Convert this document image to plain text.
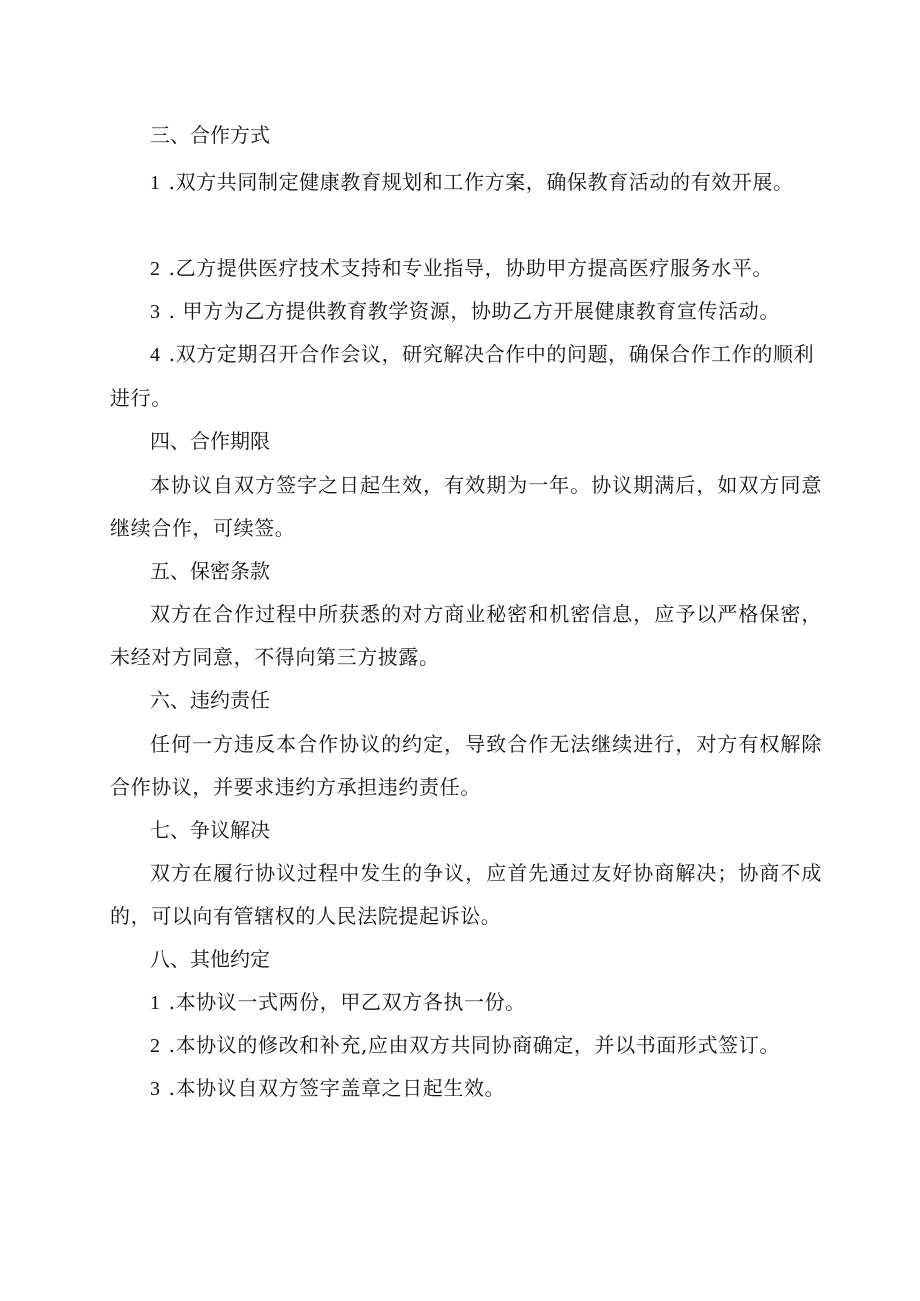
三、合作方式

1 .双方共同制定健康教育规划和工作方案，确保教育活动的有效开展。

2 .乙方提供医疗技术支持和专业指导，协助甲方提高医疗服务水平。

3 . 甲方为乙方提供教育教学资源，协助乙方开展健康教育宣传活动。

4 .双方定期召开合作会议，研究解决合作中的问题，确保合作工作的顺利进行。

四、合作期限

本协议自双方签字之日起生效，有效期为一年。协议期满后，如双方同意继续合作，可续签。

五、保密条款

双方在合作过程中所获悉的对方商业秘密和机密信息，应予以严格保密，未经对方同意，不得向第三方披露。

六、违约责任

任何一方违反本合作协议的约定，导致合作无法继续进行，对方有权解除合作协议，并要求违约方承担违约责任。

七、争议解决

双方在履行协议过程中发生的争议，应首先通过友好协商解决；协商不成的，可以向有管辖权的人民法院提起诉讼。

八、其他约定

1 .本协议一式两份，甲乙双方各执一份。

2 .本协议的修改和补充,应由双方共同协商确定，并以书面形式签订。

3 .本协议自双方签字盖章之日起生效。
